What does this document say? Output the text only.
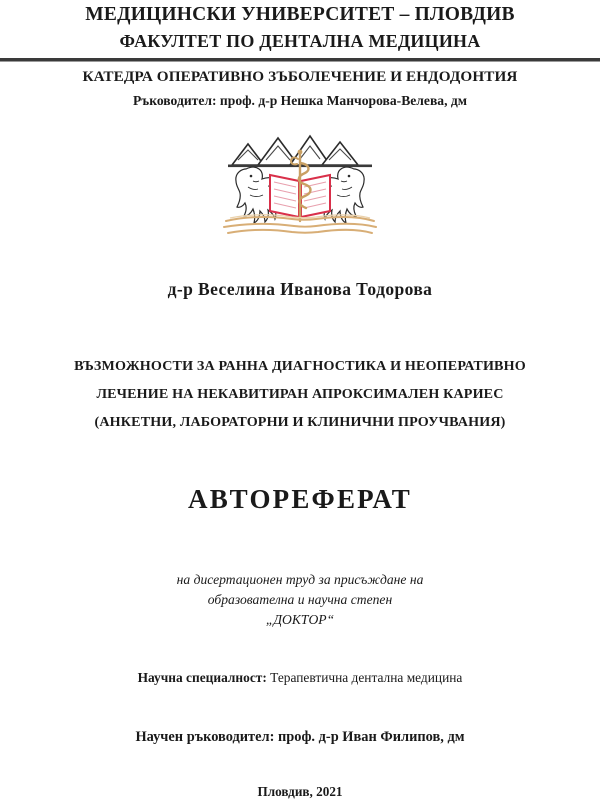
МЕДИЦИНСКИ УНИВЕРСИТЕТ – ПЛОВДИВ
ФАКУЛТЕТ ПО ДЕНТАЛНА МЕДИЦИНА
КАТЕДРА ОПЕРАТИВНО ЗЪБОЛЕЧЕНИЕ И ЕНДОДОНТИЯ
Ръководител: проф. д-р Нешка Манчорова-Велева, дм
д-р Веселина Иванова Тодорова
ВЪЗМОЖНОСТИ ЗА РАННА ДИАГНОСТИКА И НЕОПЕРАТИВНО
ЛЕЧЕНИЕ НА НЕКАВИТИРАН АПРОКСИМАЛЕН КАРИЕС
(АНКЕТНИ, ЛАБОРАТОРНИ И КЛИНИЧНИ ПРОУЧВАНИЯ)
АВТОРЕФЕРАТ
на дисертационен труд за присъждане на
образователна и научна степен
„ДОКТОР“
Научна специалност: Терапевтична дентална медицина
Научен ръководител: проф. д-р Иван Филипов, дм
Пловдив, 2021
